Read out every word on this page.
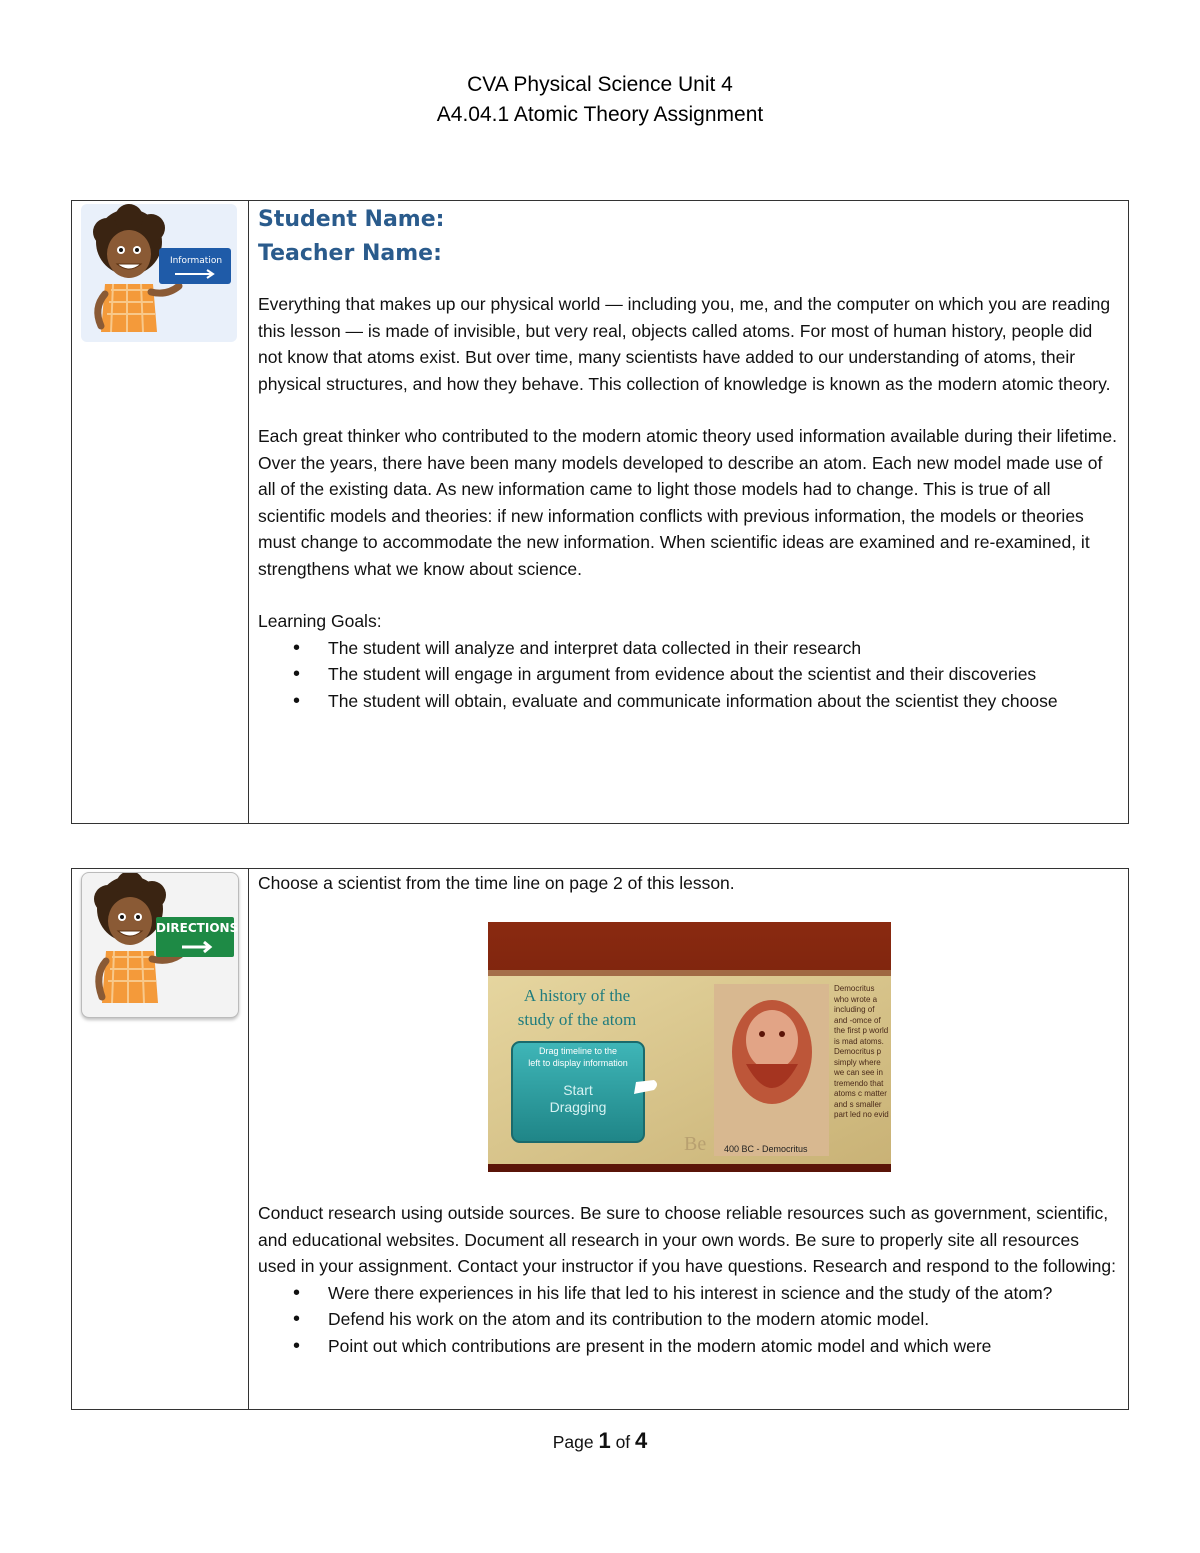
CVA Physical Science Unit 4
A4.04.1 Atomic Theory Assignment
Information
Student Name:
Teacher Name:

Everything that makes up our physical world — including you, me, and the computer on which you are reading this lesson — is made of invisible, but very real, objects called atoms. For most of human history, people did not know that atoms exist. But over time, many scientists have added to our understanding of atoms, their physical structures, and how they behave. This collection of knowledge is known as the modern atomic theory.

Each great thinker who contributed to the modern atomic theory used information available during their lifetime. Over the years, there have been many models developed to describe an atom. Each new model made use of all of the existing data. As new information came to light those models had to change. This is true of all scientific models and theories: if new information conflicts with previous information, the models or theories must change to accommodate the new information. When scientific ideas are examined and re-examined, it strengthens what we know about science.

Learning Goals:

• The student will analyze and interpret data collected in their research
• The student will engage in argument from evidence about the scientist and their discoveries
• The student will obtain, evaluate and communicate information about the scientist they choose
DIRECTIONS

Choose a scientist from the time line on page 2 of this lesson.

Be
A history of the
study of the atom
Drag timeline to the
left to display information
Start
Dragging
400 BC - Democritus
Democritus who wrote a including of and -omce of the first p world is mad atoms. Democritus p simply where we can see in tremendo that atoms c matter and s smaller part led no evid

Conduct research using outside sources. Be sure to choose reliable resources such as government, scientific, and educational websites. Document all research in your own words. Be sure to properly site all resources used in your assignment. Contact your instructor if you have questions. Research and respond to the following:

• Were there experiences in his life that led to his interest in science and the study of the atom?
• Defend his work on the atom and its contribution to the modern atomic model.
• Point out which contributions are present in the modern atomic model and which were
Page 1 of 4
